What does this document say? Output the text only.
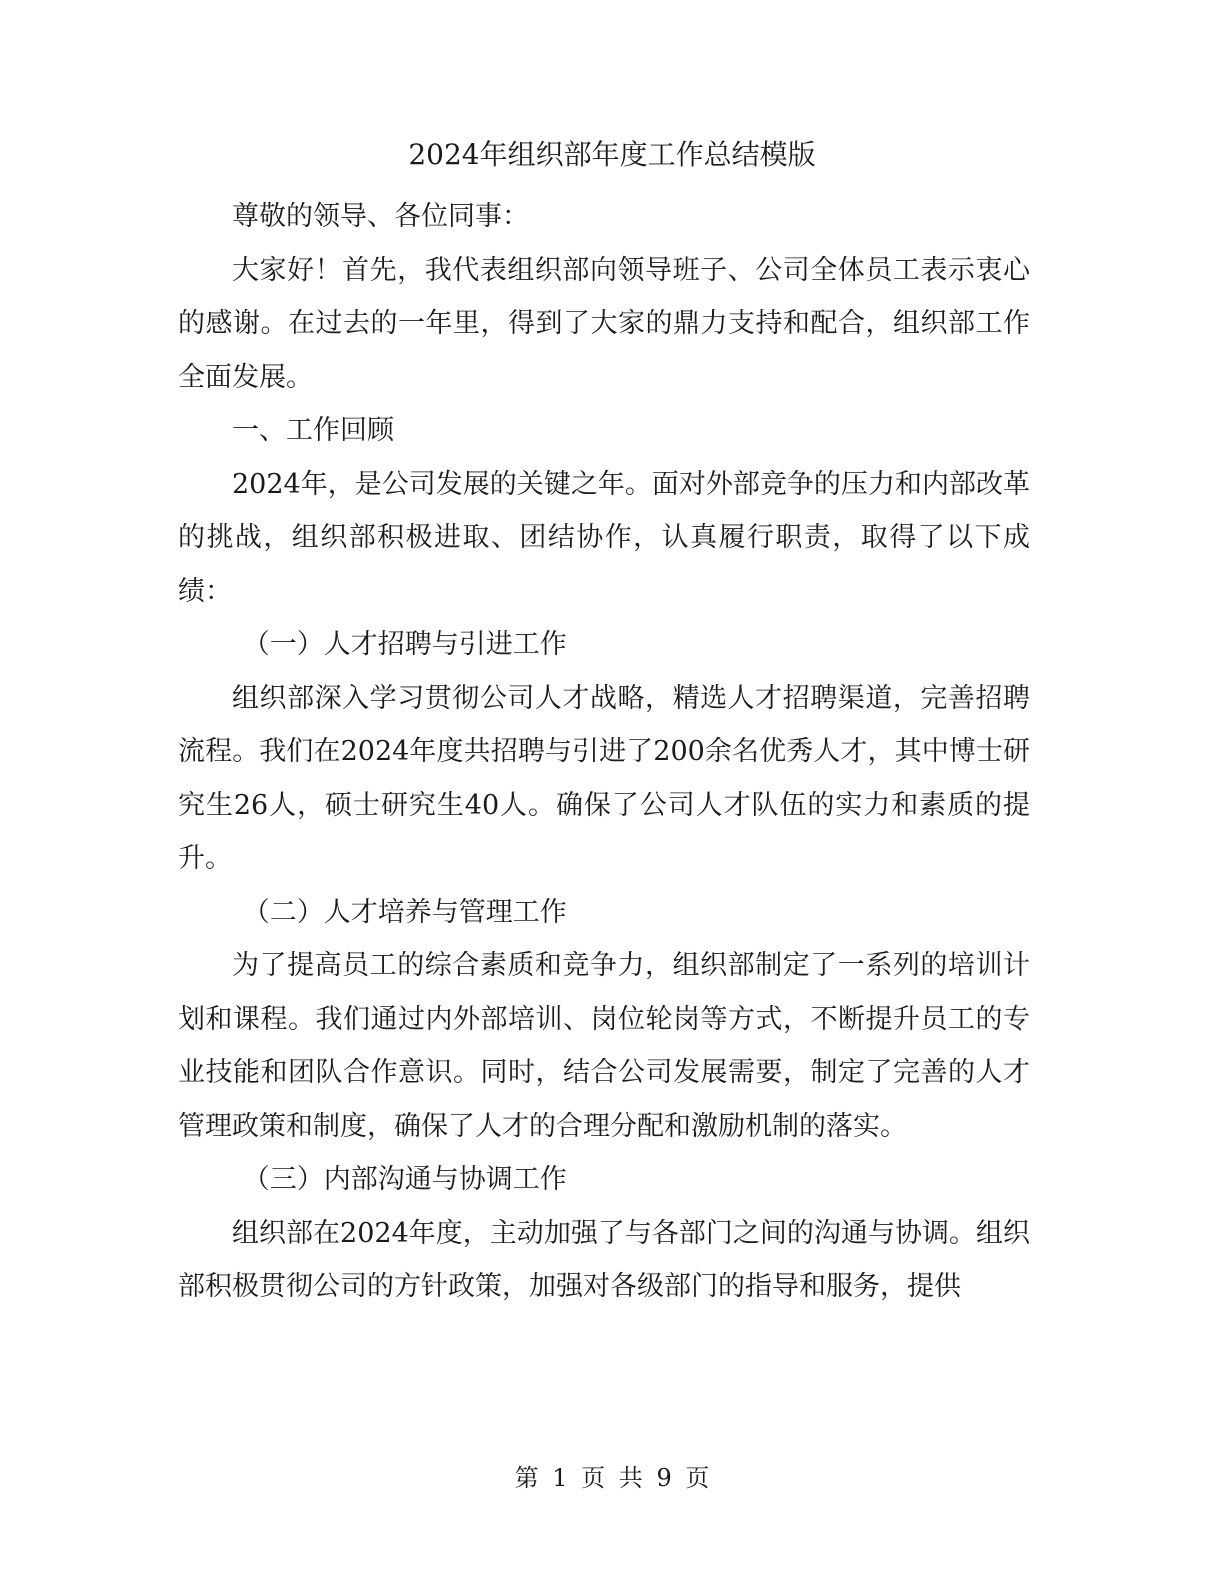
2024年组织部年度工作总结模版

尊敬的领导、各位同事：

大家好！首先，我代表组织部向领导班子、公司全体员工表示衷心的感谢。在过去的一年里，得到了大家的鼎力支持和配合，组织部工作全面发展。

一、工作回顾

2024年，是公司发展的关键之年。面对外部竞争的压力和内部改革的挑战，组织部积极进取、团结协作，认真履行职责，取得了以下成绩：

（一）人才招聘与引进工作

组织部深入学习贯彻公司人才战略，精选人才招聘渠道，完善招聘流程。我们在2024年度共招聘与引进了200余名优秀人才，其中博士研究生26人，硕士研究生40人。确保了公司人才队伍的实力和素质的提升。

（二）人才培养与管理工作

为了提高员工的综合素质和竞争力，组织部制定了一系列的培训计划和课程。我们通过内外部培训、岗位轮岗等方式，不断提升员工的专业技能和团队合作意识。同时，结合公司发展需要，制定了完善的人才管理政策和制度，确保了人才的合理分配和激励机制的落实。

（三）内部沟通与协调工作

组织部在2024年度，主动加强了与各部门之间的沟通与协调。组织部积极贯彻公司的方针政策，加强对各级部门的指导和服务，提供

第 1 页 共 9 页
